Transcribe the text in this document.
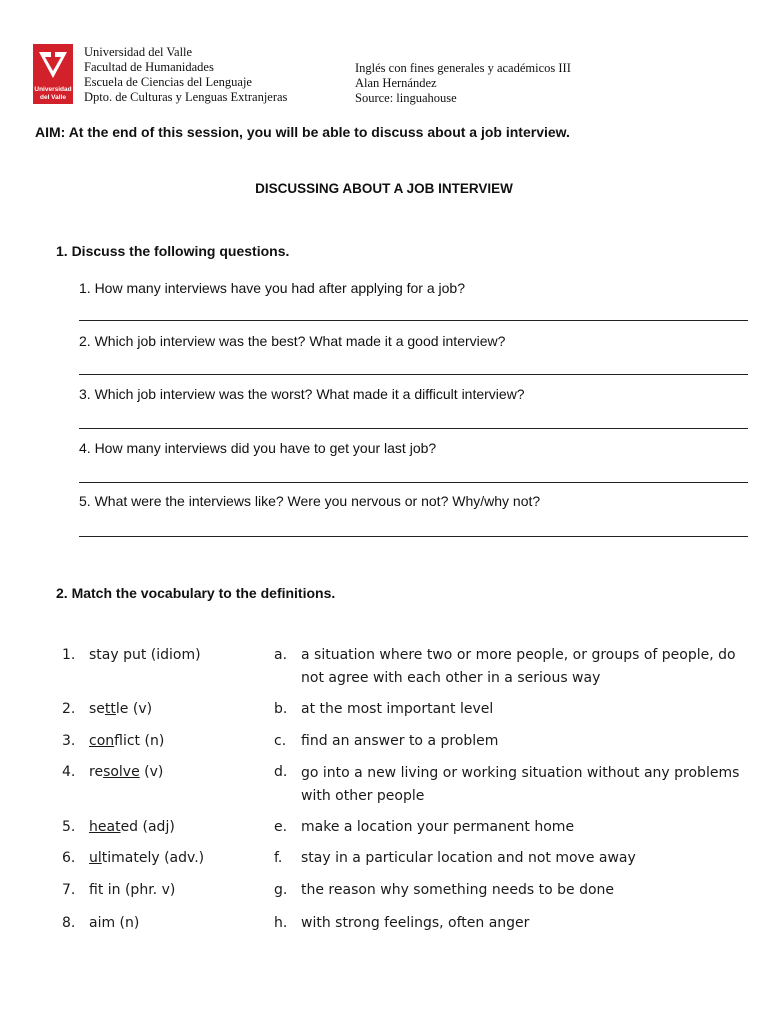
Universidad
del Valle
Universidad del Valle
Facultad de Humanidades
Escuela de Ciencias del Lenguaje
Dpto. de Culturas y Lenguas Extranjeras
Inglés con fines generales y académicos III
Alan Hernández
Source: linguahouse
AIM: At the end of this session, you will be able to discuss about a job interview.
DISCUSSING ABOUT A JOB INTERVIEW
1. Discuss the following questions.
1. How many interviews have you had after applying for a job?
2. Which job interview was the best? What made it a good interview?
3. Which job interview was the worst? What made it a difficult interview?
4. How many interviews did you have to get your last job?
5. What were the interviews like? Were you nervous or not? Why/why not?
2. Match the vocabulary to the definitions.
1. stay put (idiom)
2. settle (v)
3. conflict (n)
4. resolve (v)
5. heated (adj)
6. ultimately (adv.)
7. fit in (phr. v)
8. aim (n)
a. a situation where two or more people, or groups of people, do not agree with each other in a serious way
b. at the most important level
c.	find an answer to a problem
d. go into a new living or working situation without any problems with other people
e. make a location your permanent home
f.	stay in a particular location and not move away
g. the reason why something needs to be done
h. with strong feelings, often anger
